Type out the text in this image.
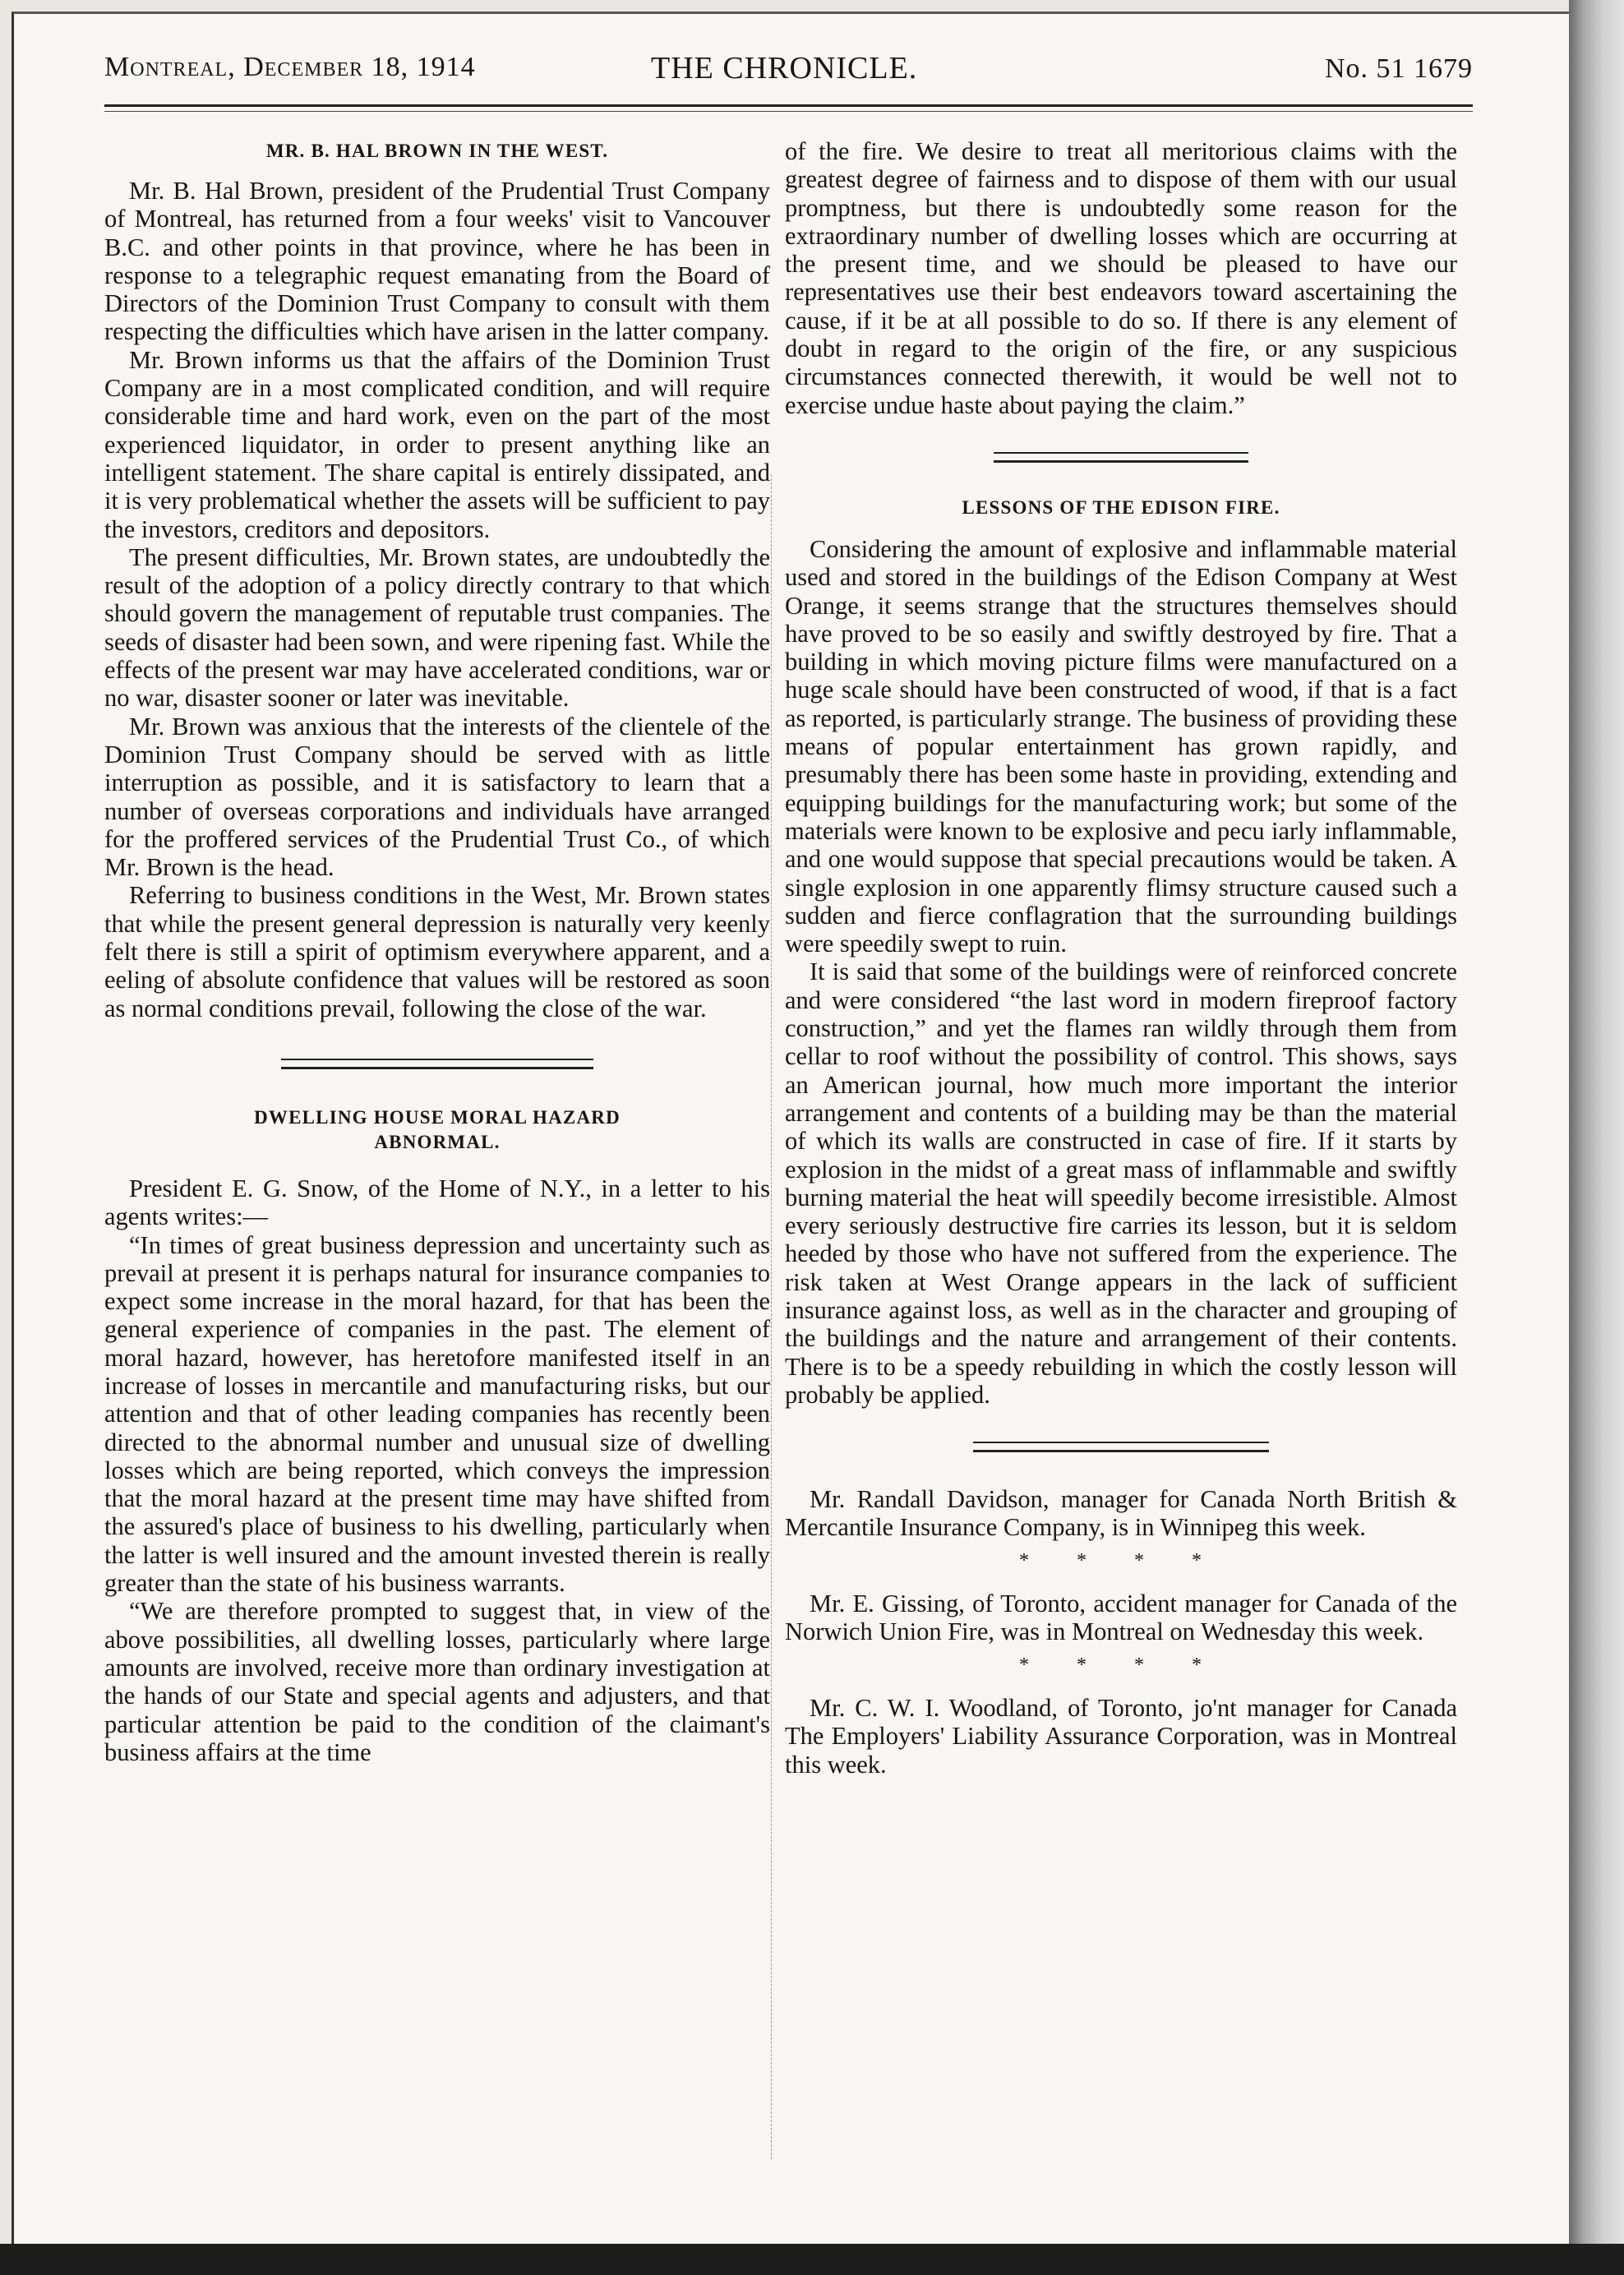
Montreal, December 18, 1914	THE CHRONICLE.	No. 51 1679
MR. B. HAL BROWN IN THE WEST.

Mr. B. Hal Brown, president of the Prudential Trust Company of Montreal, has returned from a four weeks' visit to Vancouver B.C. and other points in that province, where he has been in response to a telegraphic request emanating from the Board of Directors of the Dominion Trust Company to consult with them respecting the difficulties which have arisen in the latter company.

Mr. Brown informs us that the affairs of the Dominion Trust Company are in a most complicated condition, and will require considerable time and hard work, even on the part of the most experienced liquidator, in order to present anything like an intelligent statement. The share capital is entirely dissipated, and it is very problematical whether the assets will be sufficient to pay the investors, creditors and depositors.

The present difficulties, Mr. Brown states, are undoubtedly the result of the adoption of a policy directly contrary to that which should govern the management of reputable trust companies. The seeds of disaster had been sown, and were ripening fast. While the effects of the present war may have accelerated conditions, war or no war, disaster sooner or later was inevitable.

Mr. Brown was anxious that the interests of the clientele of the Dominion Trust Company should be served with as little interruption as possible, and it is satisfactory to learn that a number of overseas corporations and individuals have arranged for the proffered services of the Prudential Trust Co., of which Mr. Brown is the head.

Referring to business conditions in the West, Mr. Brown states that while the present general depression is naturally very keenly felt there is still a spirit of optimism everywhere apparent, and a eeling of absolute confidence that values will be restored as soon as normal conditions prevail, following the close of the war.

DWELLING HOUSE MORAL HAZARD
ABNORMAL.

President E. G. Snow, of the Home of N.Y., in a letter to his agents writes:—

“In times of great business depression and uncertainty such as prevail at present it is perhaps natural for insurance companies to expect some increase in the moral hazard, for that has been the general experience of companies in the past. The element of moral hazard, however, has heretofore manifested itself in an increase of losses in mercantile and manufacturing risks, but our attention and that of other leading companies has recently been directed to the abnormal number and unusual size of dwelling losses which are being reported, which conveys the impression that the moral hazard at the present time may have shifted from the assured's place of business to his dwelling, particularly when the latter is well insured and the amount invested therein is really greater than the state of his business warrants.

“We are therefore prompted to suggest that, in view of the above possibilities, all dwelling losses, particularly where large amounts are involved, receive more than ordinary investigation at the hands of our State and special agents and adjusters, and that particular attention be paid to the condition of the claimant's business affairs at the time

of the fire. We desire to treat all meritorious claims with the greatest degree of fairness and to dispose of them with our usual promptness, but there is undoubtedly some reason for the extraordinary number of dwelling losses which are occurring at the present time, and we should be pleased to have our representatives use their best endeavors toward ascertaining the cause, if it be at all possible to do so. If there is any element of doubt in regard to the origin of the fire, or any suspicious circumstances connected therewith, it would be well not to exercise undue haste about paying the claim.”

LESSONS OF THE EDISON FIRE.

Considering the amount of explosive and inflammable material used and stored in the buildings of the Edison Company at West Orange, it seems strange that the structures themselves should have proved to be so easily and swiftly destroyed by fire. That a building in which moving picture films were manufactured on a huge scale should have been constructed of wood, if that is a fact as reported, is particularly strange. The business of providing these means of popular entertainment has grown rapidly, and presumably there has been some haste in providing, extending and equipping buildings for the manufacturing work; but some of the materials were known to be explosive and pecu iarly inflammable, and one would suppose that special precautions would be taken. A single explosion in one apparently flimsy structure caused such a sudden and fierce conflagration that the surrounding buildings were speedily swept to ruin.

It is said that some of the buildings were of reinforced concrete and were considered “the last word in modern fireproof factory construction,” and yet the flames ran wildly through them from cellar to roof without the possibility of control. This shows, says an American journal, how much more important the interior arrangement and contents of a building may be than the material of which its walls are constructed in case of fire. If it starts by explosion in the midst of a great mass of inflammable and swiftly burning material the heat will speedily become irresistible. Almost every seriously destructive fire carries its lesson, but it is seldom heeded by those who have not suffered from the experience. The risk taken at West Orange appears in the lack of sufficient insurance against loss, as well as in the character and grouping of the buildings and the nature and arrangement of their contents. There is to be a speedy rebuilding in which the costly lesson will probably be applied.

Mr. Randall Davidson, manager for Canada North British & Mercantile Insurance Company, is in Winnipeg this week.

* * * *

Mr. E. Gissing, of Toronto, accident manager for Canada of the Norwich Union Fire, was in Montreal on Wednesday this week.

* * * *

Mr. C. W. I. Woodland, of Toronto, jo'nt manager for Canada The Employers' Liability Assurance Corporation, was in Montreal this week.
